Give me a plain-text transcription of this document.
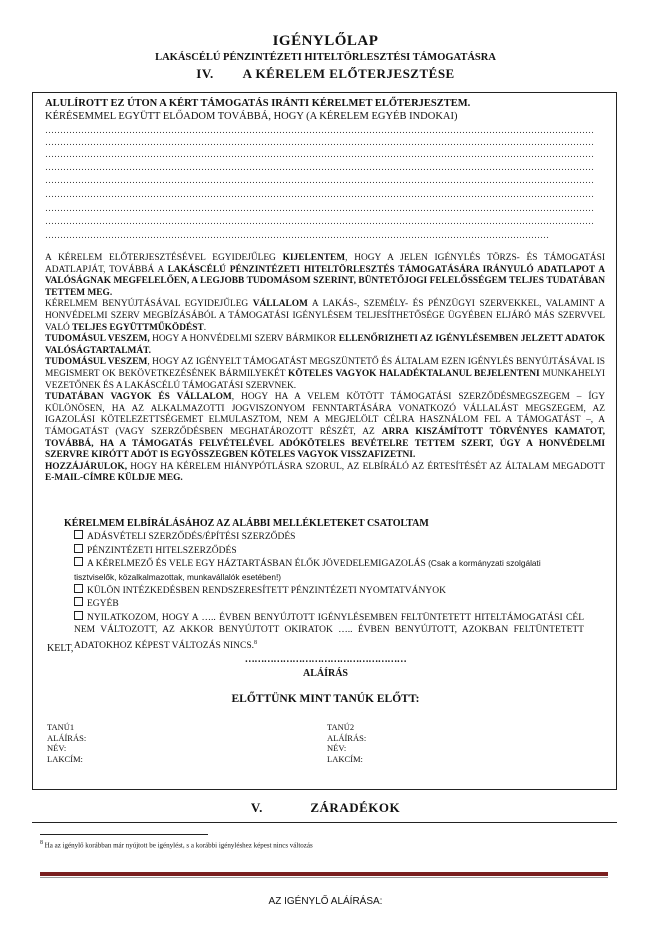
IGÉNYLŐLAP
LAKÁSCÉLÚ PÉNZINTÉZETI HITELTÖRLESZTÉSI TÁMOGATÁSRA
IV. A KÉRELEM ELŐTERJESZTÉSE
ALULÍROTT EZ ÚTON A KÉRT TÁMOGATÁS IRÁNTI KÉRELMET ELŐTERJESZTEM.
KÉRÉSEMMEL EGYÜTT ELŐADOM TOVÁBBÁ, HOGY (A KÉRELEM EGYÉB INDOKAI)
…………………………………………………………………………………………………………………………………………………………………
…………………………………………………………………………………………………………………………………………………………………
…………………………………………………………………………………………………………………………………………………………………
…………………………………………………………………………………………………………………………………………………………………
…………………………………………………………………………………………………………………………………………………………………
…………………………………………………………………………………………………………………………………………………………………
…………………………………………………………………………………………………………………………………………………………………
…………………………………………………………………………………………………………………………………………………………………
……………………………………………………………………………………………………………………………………………………
A KÉRELEM ELŐTERJESZTÉSÉVEL EGYIDEJŰLEG KIJELENTEM, HOGY A JELEN IGÉNYLÉS TÖRZS- ÉS TÁMOGATÁSI ADATLAPJÁT, TOVÁBBÁ A LAKÁSCÉLÚ PÉNZINTÉZETI HITELTÖRLESZTÉS TÁMOGATÁSÁRA IRÁNYULÓ ADATLAPOT A VALÓSÁGNAK MEGFELELŐEN, A LEGJOBB TUDOMÁSOM SZERINT, BÜNTETŐJOGI FELELŐSSÉGEM TELJES TUDATÁBAN TETTEM MEG.
KÉRELMEM BENYÚJTÁSÁVAL EGYIDEJŰLEG VÁLLALOM A LAKÁS-, SZEMÉLY- ÉS PÉNZÜGYI SZERVEKKEL, VALAMINT A HONVÉDELMI SZERV MEGBÍZÁSÁBÓL A TÁMOGATÁSI IGÉNYLÉSEM TELJESÍTHETŐSÉGE ÜGYÉBEN ELJÁRÓ MÁS SZERVVEL VALÓ TELJES EGYÜTTMŰKÖDÉST.
TUDOMÁSUL VESZEM, HOGY A HONVÉDELMI SZERV BÁRMIKOR ELLENŐRIZHETI AZ IGÉNYLÉSEMBEN JELZETT ADATOK VALÓSÁGTARTALMÁT.
TUDOMÁSUL VESZEM, HOGY AZ IGÉNYELT TÁMOGATÁST MEGSZÜNTETŐ ÉS ÁLTALAM EZEN IGÉNYLÉS BENYÚJTÁSÁVAL IS MEGISMERT OK BEKÖVETKEZÉSÉNEK BÁRMILYEKÉT KÖTELES VAGYOK HALADÉKTALANUL BEJELENTENI MUNKAHELYI VEZETŐNEK ÉS A LAKÁSCÉLÚ TÁMOGATÁSI SZERVNEK.
TUDATÁBAN VAGYOK ÉS VÁLLALOM, HOGY HA A VELEM KÖTÖTT TÁMOGATÁSI SZERZŐDÉSMEGSZEGEM – ÍGY KÜLÖNÖSEN, HA AZ ALKALMAZOTTI JOGVISZONYOM FENNTARTÁSÁRA VONATKOZÓ VÁLLALÁST MEGSZEGEM, AZ IGAZOLÁSI KÖTELEZETTSÉGEMET ELMULASZTOM, NEM A MEGJELÖLT CÉLRA HASZNÁLOM FEL A TÁMOGATÁST –, A TÁMOGATÁST (VAGY SZERZŐDÉSBEN MEGHATÁROZOTT RÉSZÉT, AZ ARRA KISZÁMÍTOTT TÖRVÉNYES KAMATOT, TOVÁBBÁ, HA A TÁMOGATÁS FELVÉTELÉVEL ADÓKÖTELES BEVÉTELRE TETTEM SZERT, ÚGY A HONVÉDELMI SZERVRE KIRÓTT ADÓT IS EGYÖSSZEGBEN KÖTELES VAGYOK VISSZAFIZETNI.
HOZZÁJÁRULOK, HOGY HA KÉRELEM HIÁNYPÓTLÁSRA SZORUL, AZ ELBÍRÁLÓ AZ ÉRTESÍTÉSÉT AZ ÁLTALAM MEGADOTT E-MAIL-CÍMRE KÜLDJE MEG.
KÉRELMEM ELBÍRÁLÁSÁHOZ AZ ALÁBBI MELLÉKLETEKET CSATOLTAM
ADÁSVÉTELI SZERZŐDÉS/ÉPÍTÉSI SZERZŐDÉS
PÉNZINTÉZETI HITELSZERZŐDÉS
A KÉRELMEZŐ ÉS VELE EGY HÁZTARTÁSBAN ÉLŐK JÖVEDELEMIGAZOLÁS (Csak a kormányzati szolgálati tisztviselők, közalkalmazottak, munkavállalók esetében!)
KÜLÖN INTÉZKEDÉSBEN RENDSZERESÍTETT PÉNZINTÉZETI NYOMTATVÁNYOK
EGYÉB
NYILATKOZOM, HOGY A ….. ÉVBEN BENYÚJTOTT IGÉNYLÉSEMBEN FELTÜNTETETT HITELTÁMOGATÁSI CÉL NEM VÁLTOZOTT, AZ AKKOR BENYÚJTOTT OKIRATOK ….. ÉVBEN BENYÚJTOTT, AZOKBAN FELTÜNTETETT ADATOKHOZ KÉPEST VÁLTOZÁS NINCS.$^8$
KELT,
……………………………………………
ALÁÍRÁS
ELŐTTÜNK MINT TANÚK ELŐTT:
TANÚ1
ALÁÍRÁS:
NÉV:
LAKCÍM:
TANÚ2
ALÁÍRÁS:
NÉV:
LAKCÍM:
V.	ZÁRADÉKOK
$^8$ Ha az igénylő korábban már nyújtott be igénylést, s a korábbi igényléshez képest nincs változás
AZ IGÉNYLŐ ALÁÍRÁSA:
